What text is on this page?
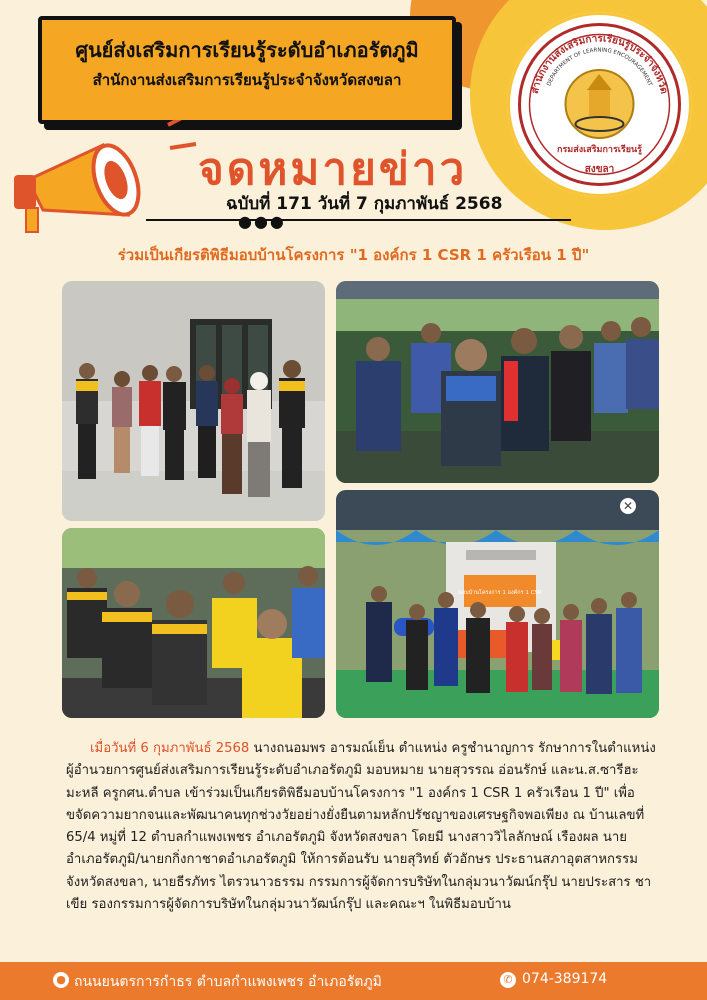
สำนักงานส่งเสริมการเรียนรู้ประจำจังหวัด
DEPARTMENT OF LEARNING ENCOURAGEMENT
กรมส่งเสริมการเรียนรู้
สงขลา
ศูนย์ส่งเสริมการเรียนรู้ระดับอำเภอรัตภูมิ
สำนักงานส่งเสริมการเรียนรู้ประจำจังหวัดสงขลา
จดหมายข่าว
ฉบับที่ 171 วันที่ 7 กุมภาพันธ์ 2568
●●●
ร่วมเป็นเกียรติพิธีมอบบ้านโครงการ "1 องค์กร 1 CSR 1 ครัวเรือน 1 ปี"
มอบบ้านโครงการ 1 องค์กร 1 CSR
✕
เมื่อวันที่ 6 กุมภาพันธ์ 2568 นางถนอมพร อารมณ์เย็น ตำแหน่ง ครูชำนาญการ รักษาการในตำแหน่ง ผู้อำนวยการศูนย์ส่งเสริมการเรียนรู้ระดับอำเภอรัตภูมิ มอบหมาย นายสุวรรณ อ่อนรักษ์ และน.ส.ซารีฮะ มะหลี ครูกศน.ตำบล เข้าร่วมเป็นเกียรติพิธีมอบบ้านโครงการ "1 องค์กร 1 CSR 1 ครัวเรือน 1 ปี" เพื่อขจัดความยากจนและพัฒนาคนทุกช่วงวัยอย่างยั่งยืนตามหลักปรัชญาของเศรษฐกิจพอเพียง ณ บ้านเลขที่ 65/4 หมู่ที่ 12 ตำบลกำแพงเพชร อำเภอรัตภูมิ จังหวัดสงขลา โดยมี นางสาววิไลลักษณ์ เรืองผล นายอำเภอรัตภูมิ/นายกกิ่งกาชาดอำเภอรัตภูมิ ให้การต้อนรับ นายสุวิทย์ ตัวอักษร ประธานสภาอุตสาหกรรมจังหวัดสงขลา, นายธีรภัทร ไตรวนาวธรรม กรรมการผู้จัดการบริษัทในกลุ่มวนาวัฒน์กรุ๊ป นายประสาร ชาเขีย รองกรรมการผู้จัดการบริษัทในกลุ่มวนาวัฒน์กรุ๊ป และคณะฯ ในพิธีมอบบ้าน
● ถนนยนตรการกำธร ตำบลกำแพงเพชร อำเภอรัตภูมิ	✆ 074-389174
